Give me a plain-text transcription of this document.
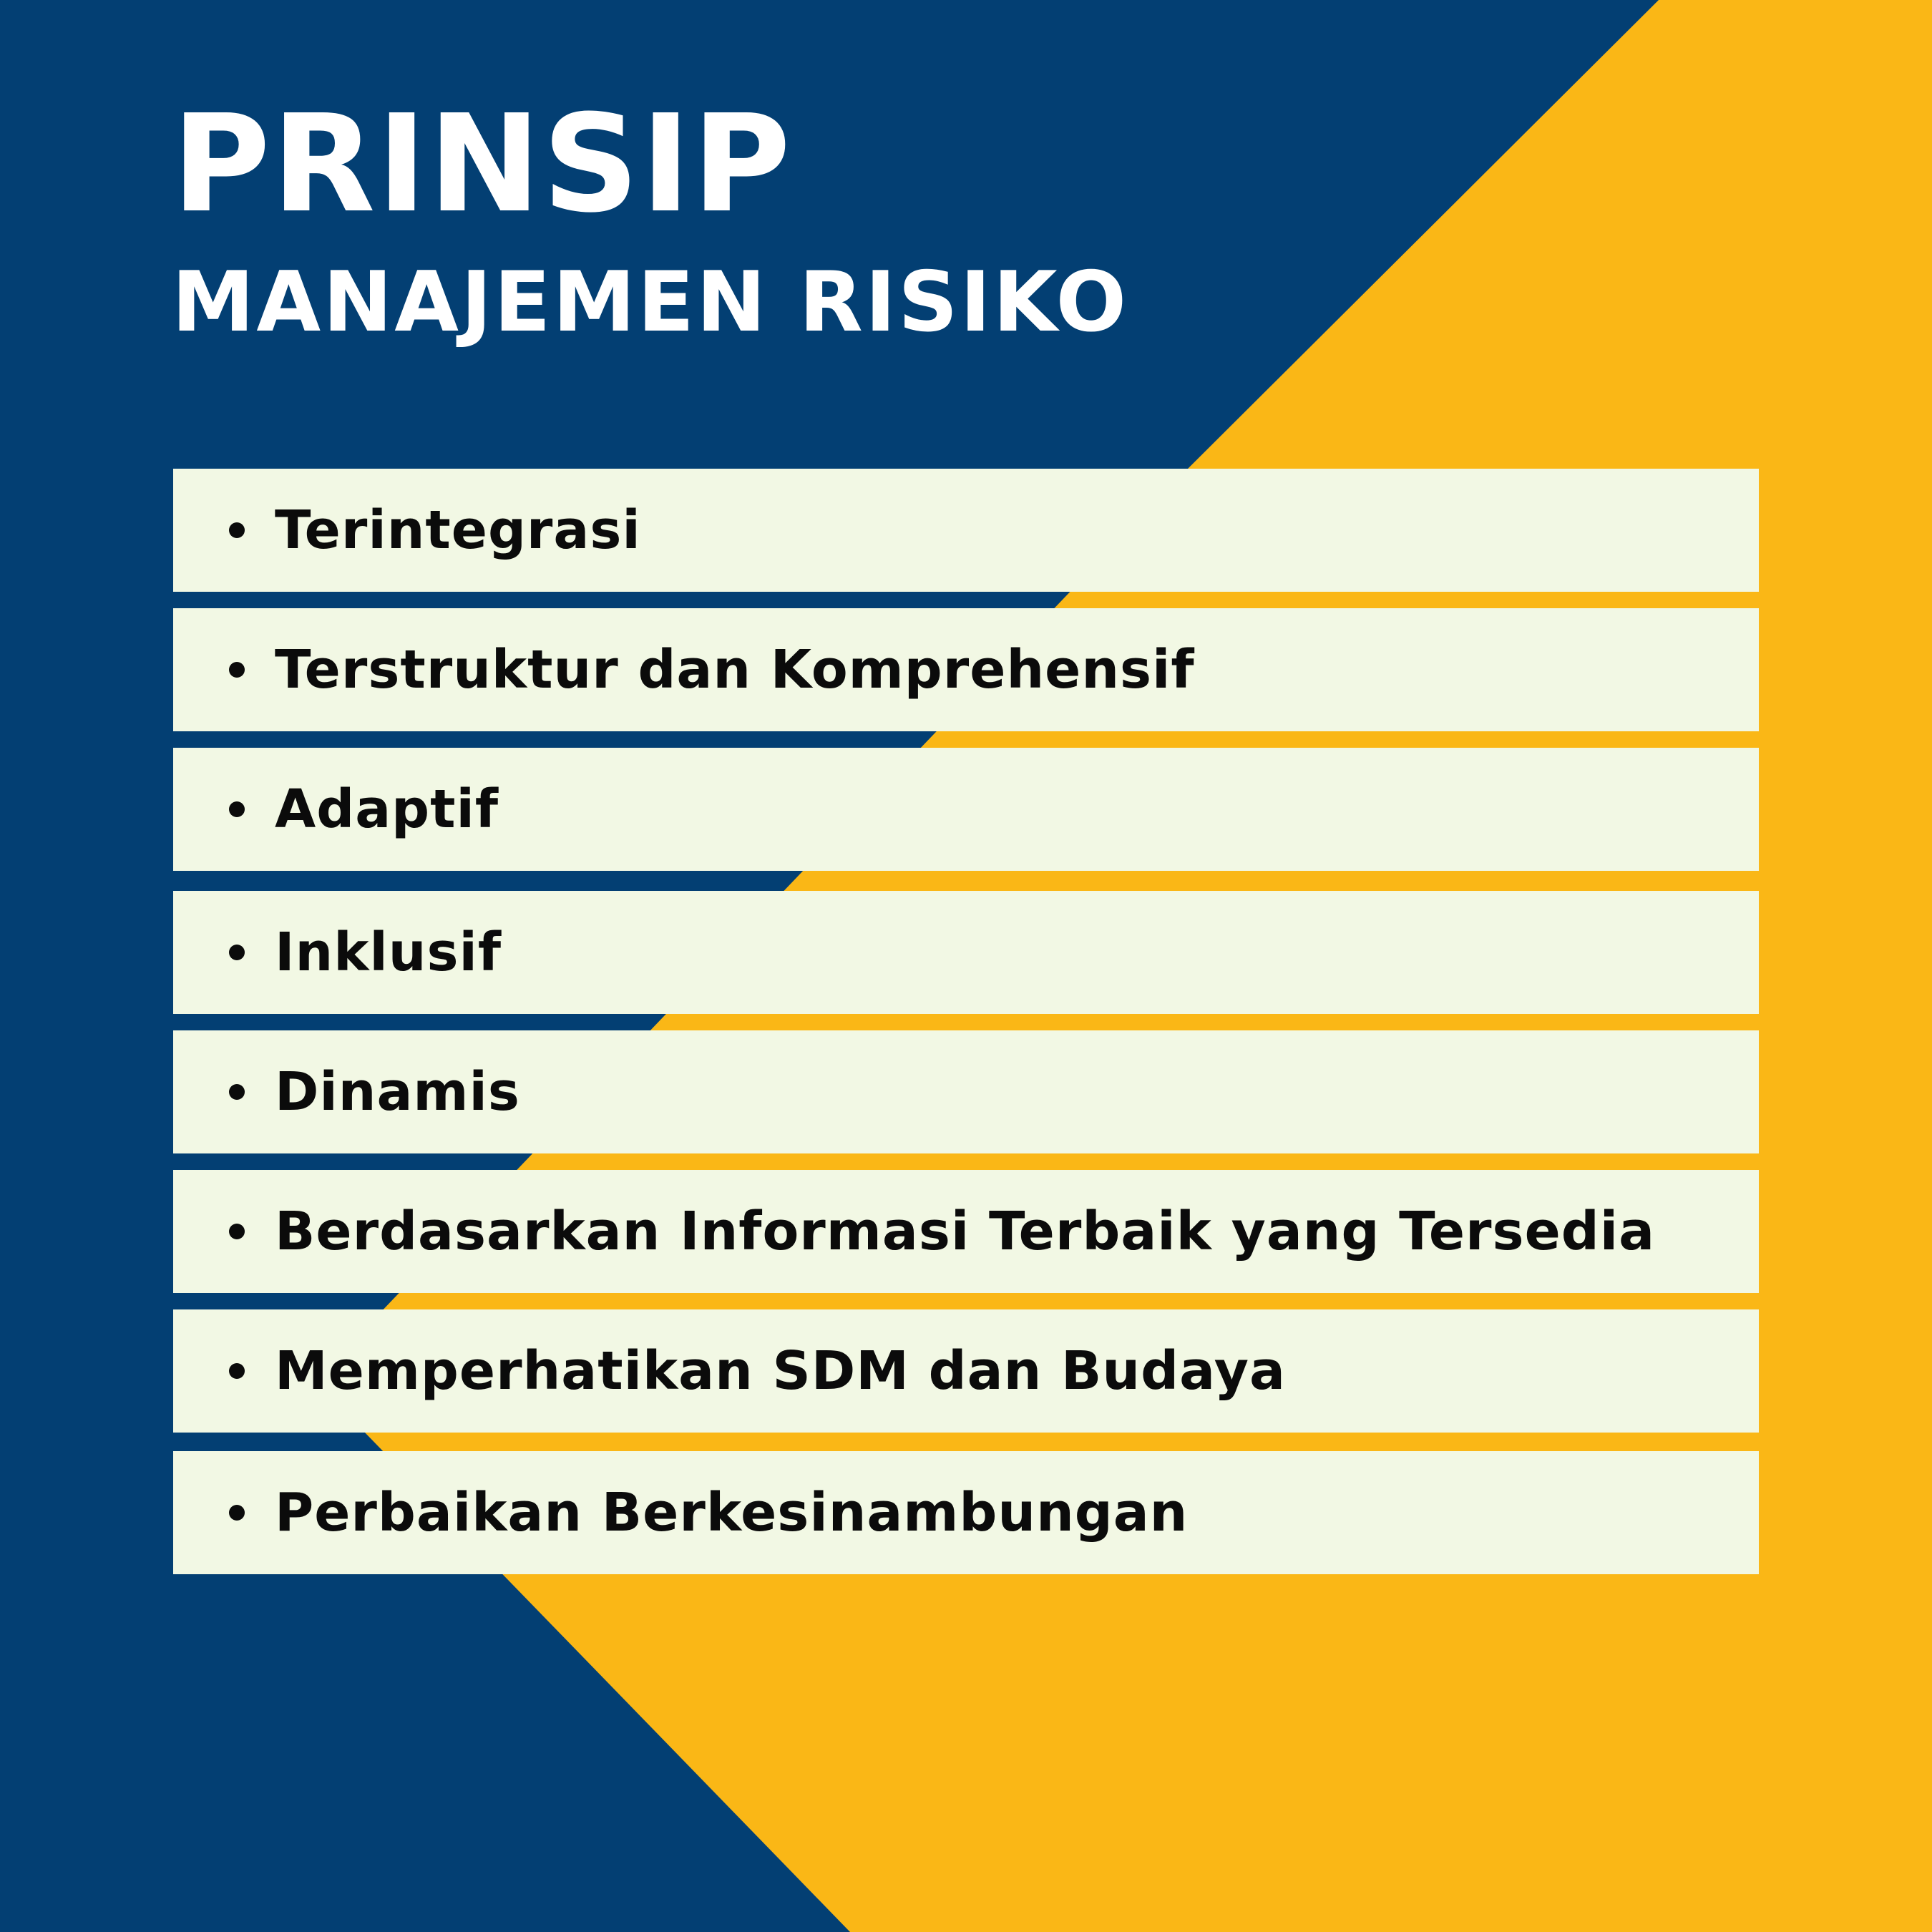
PRINSIP
MANAJEMEN RISIKO
Terintegrasi
Terstruktur dan Komprehensif
Adaptif
Inklusif
Dinamis
Berdasarkan Informasi Terbaik yang Tersedia
Memperhatikan SDM dan Budaya
Perbaikan Berkesinambungan
